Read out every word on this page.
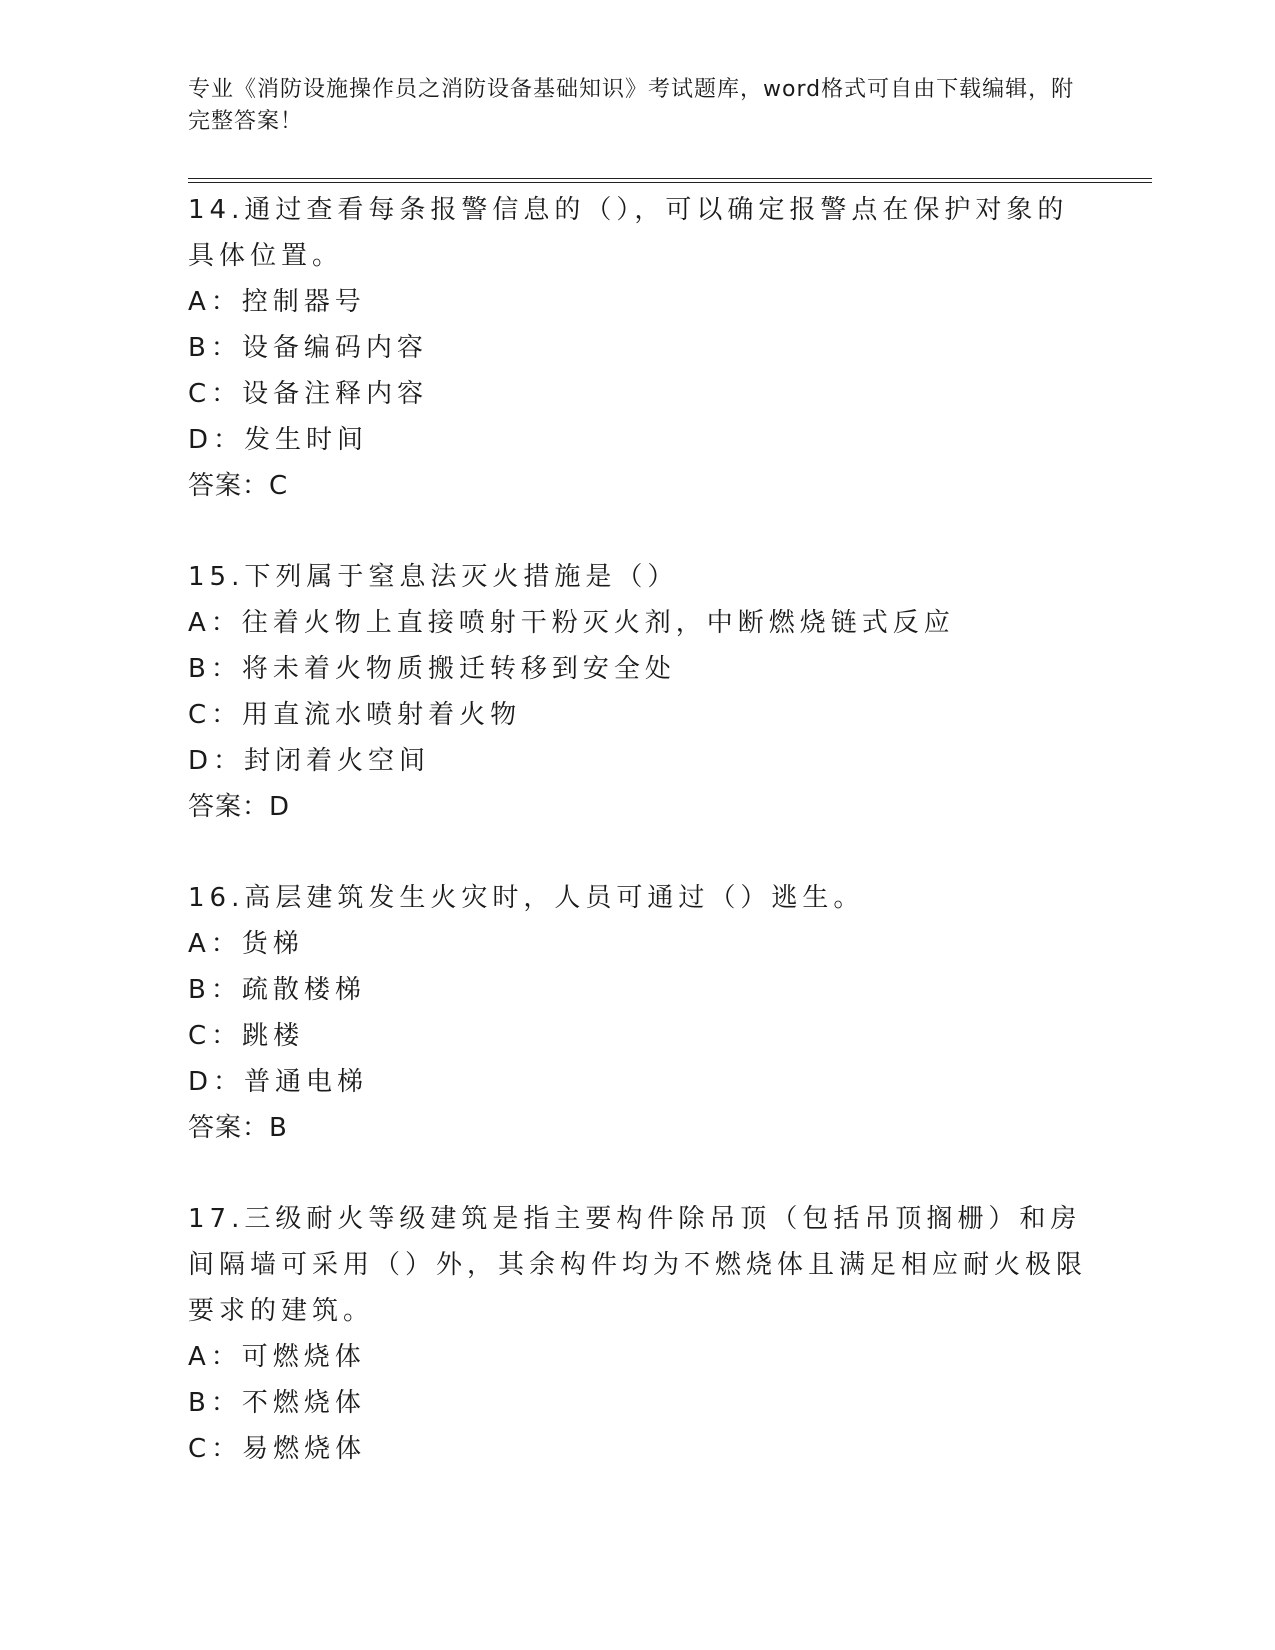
专业《消防设施操作员之消防设备基础知识》考试题库，word格式可自由下载编辑，附完整答案！

14.通过查看每条报警信息的（），可以确定报警点在保护对象的具体位置。

A：控制器号

B：设备编码内容

C：设备注释内容

D：发生时间

答案：C

15.下列属于窒息法灭火措施是（）

A：往着火物上直接喷射干粉灭火剂，中断燃烧链式反应

B：将未着火物质搬迁转移到安全处

C：用直流水喷射着火物

D：封闭着火空间

答案：D

16.高层建筑发生火灾时，人员可通过（）逃生。

A：货梯

B：疏散楼梯

C：跳楼

D：普通电梯

答案：B

17.三级耐火等级建筑是指主要构件除吊顶（包括吊顶搁栅）和房间隔墙可采用（）外，其余构件均为不燃烧体且满足相应耐火极限要求的建筑。

A：可燃烧体

B：不燃烧体

C：易燃烧体
